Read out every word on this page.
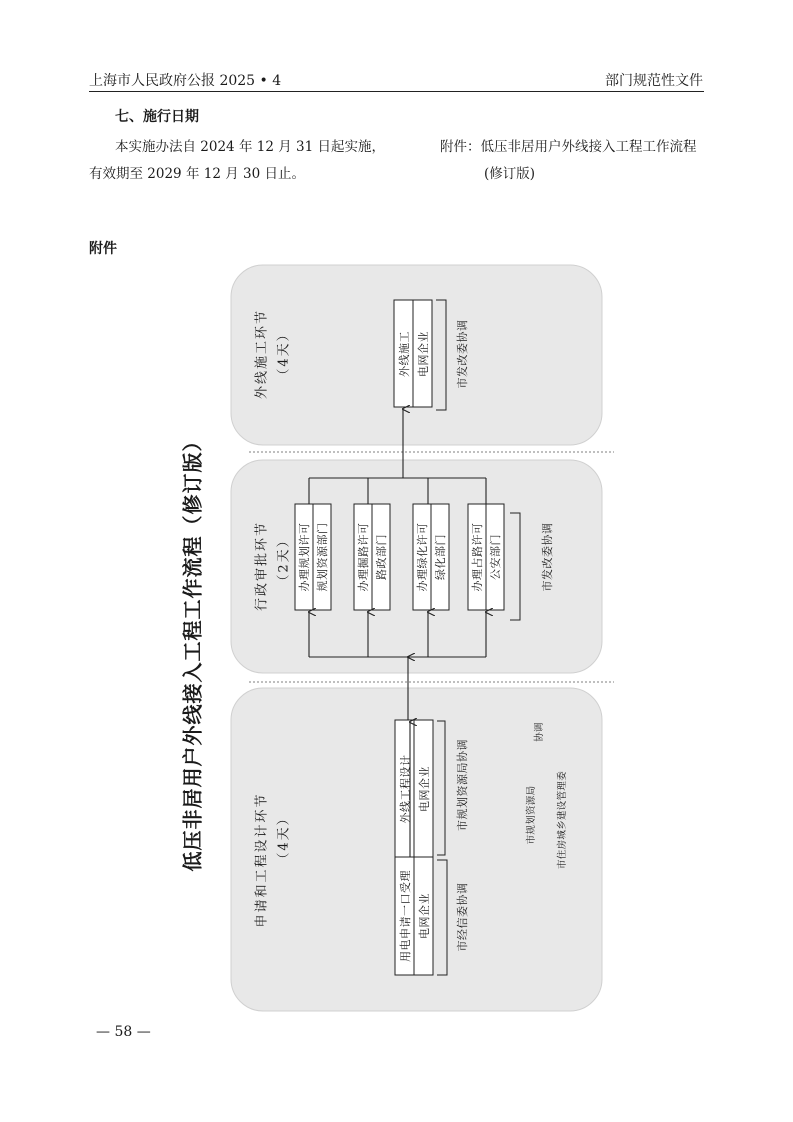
上海市人民政府公报 2025 • 4	部门规范性文件
七、施行日期
本实施办法自 2024 年 12 月 31 日起实施，
有效期至 2029 年 12 月 30 日止。
附件：低压非居用户外线接入工程工作流程
(修订版)
附件
低压非居用户外线接入工程工作流程（修订版）
外线施工环节 （4天）	外线施工 电网企业 市发改委协调
行政审批环节 （2天） 办理规划许可 规划资源部门	办理掘路许可 路政部门	办理绿化许可 绿化部门 办理占路许可 公安部门	市发改委协调
申请和工程设计环节 （4天）
用电申请一口受理 电网企业
外线工程设计 电网企业
市经信委协调
市规划资源局协调
协调
市规划资源局	市住房城乡建设管理委
— 58 —
